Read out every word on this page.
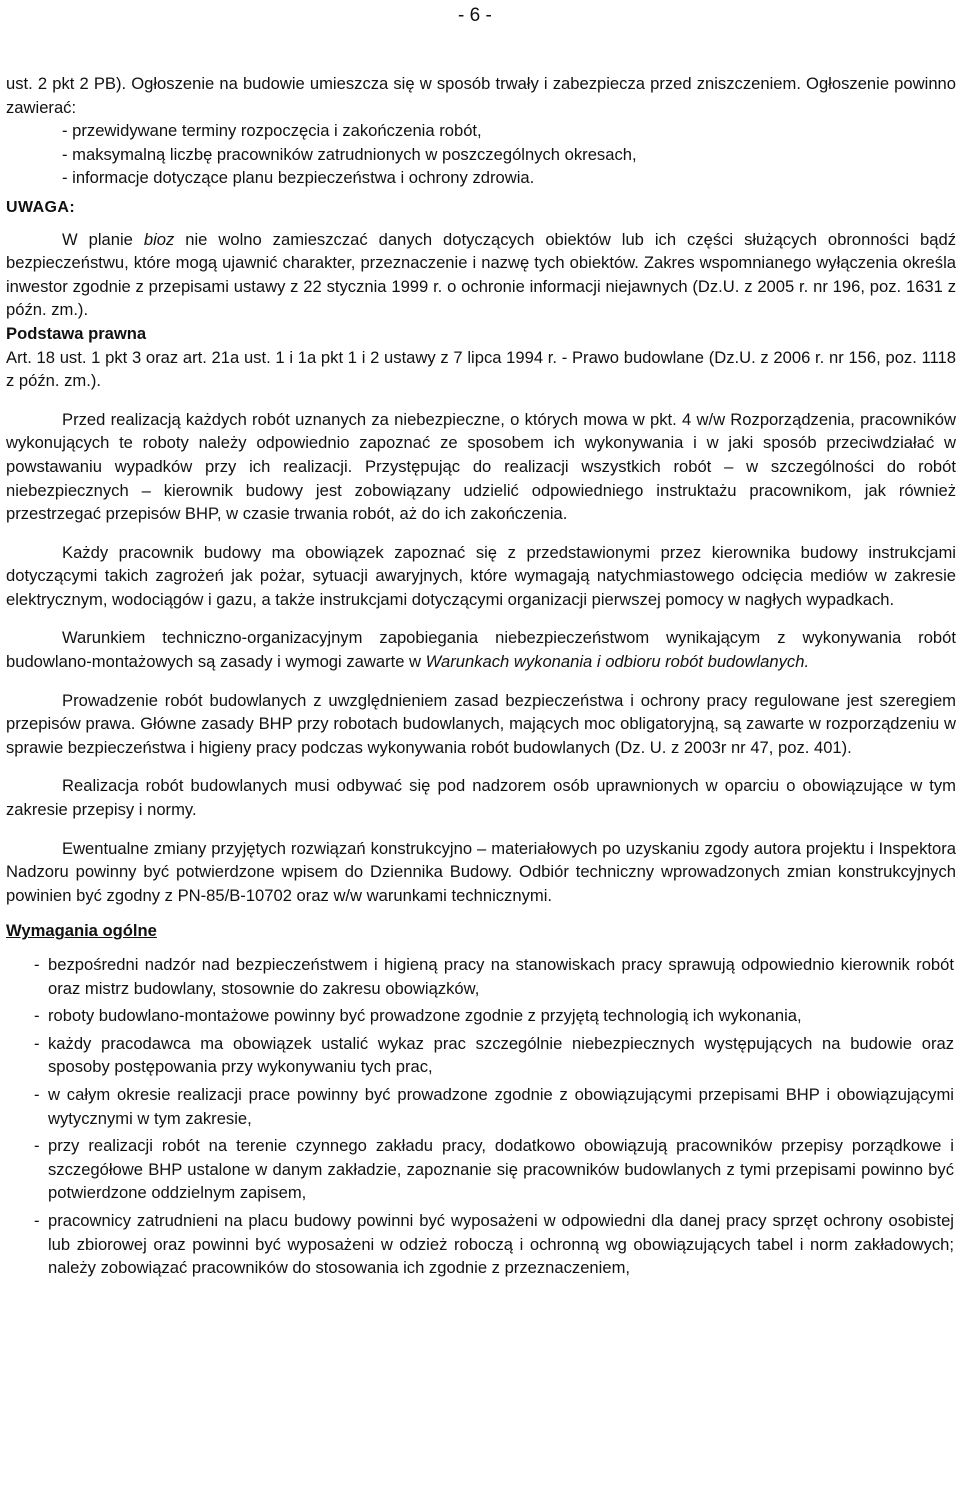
- 6 -

ust. 2 pkt 2 PB). Ogłoszenie na budowie umieszcza się w sposób trwały i zabezpiecza przed zniszczeniem. Ogłoszenie powinno zawierać:

- przewidywane terminy rozpoczęcia i zakończenia robót,
- maksymalną liczbę pracowników zatrudnionych w poszczególnych okresach,
- informacje dotyczące planu bezpieczeństwa i ochrony zdrowia.
UWAGA:

W planie bioz nie wolno zamieszczać danych dotyczących obiektów lub ich części służących obronności bądź bezpieczeństwu, które mogą ujawnić charakter, przeznaczenie i nazwę tych obiektów. Zakres wspomnianego wyłączenia określa inwestor zgodnie z przepisami ustawy z 22 stycznia 1999 r. o ochronie informacji niejawnych (Dz.U. z 2005 r. nr 196, poz. 1631 z późn. zm.).

Podstawa prawna

Art. 18 ust. 1 pkt 3 oraz art. 21a ust. 1 i 1a pkt 1 i 2 ustawy z 7 lipca 1994 r. - Prawo budowlane (Dz.U. z 2006 r. nr 156, poz. 1118 z późn. zm.).

Przed realizacją każdych robót uznanych za niebezpieczne, o których mowa w pkt. 4 w/w Rozporządzenia, pracowników wykonujących te roboty należy odpowiednio zapoznać ze sposobem ich wykonywania i w jaki sposób przeciwdziałać w powstawaniu wypadków przy ich realizacji. Przystępując do realizacji wszystkich robót – w szczególności do robót niebezpiecznych – kierownik budowy jest zobowiązany udzielić odpowiedniego instruktażu pracownikom, jak również przestrzegać przepisów BHP, w czasie trwania robót, aż do ich zakończenia.

Każdy pracownik budowy ma obowiązek zapoznać się z przedstawionymi przez kierownika budowy instrukcjami dotyczącymi takich zagrożeń jak pożar, sytuacji awaryjnych, które wymagają natychmiastowego odcięcia mediów w zakresie elektrycznym, wodociągów i gazu, a także instrukcjami dotyczącymi organizacji pierwszej pomocy w nagłych wypadkach.

Warunkiem techniczno-organizacyjnym zapobiegania niebezpieczeństwom wynikającym z wykonywania robót budowlano-montażowych są zasady i wymogi zawarte w Warunkach wykonania i odbioru robót budowlanych.

Prowadzenie robót budowlanych z uwzględnieniem zasad bezpieczeństwa i ochrony pracy regulowane jest szeregiem przepisów prawa. Główne zasady BHP przy robotach budowlanych, mających moc obligatoryjną, są zawarte w rozporządzeniu w sprawie bezpieczeństwa i higieny pracy podczas wykonywania robót budowlanych (Dz. U. z 2003r nr 47, poz. 401).

Realizacja robót budowlanych musi odbywać się pod nadzorem osób uprawnionych w oparciu o obowiązujące w tym zakresie przepisy i normy.

Ewentualne zmiany przyjętych rozwiązań konstrukcyjno – materiałowych po uzyskaniu zgody autora projektu i Inspektora Nadzoru powinny być potwierdzone wpisem do Dziennika Budowy. Odbiór techniczny wprowadzonych zmian konstrukcyjnych powinien być zgodny z PN-85/B-10702 oraz w/w warunkami technicznymi.

Wymagania ogólne
- bezpośredni nadzór nad bezpieczeństwem i higieną pracy na stanowiskach pracy sprawują odpowiednio kierownik robót oraz mistrz budowlany, stosownie do zakresu obowiązków,
- roboty budowlano-montażowe powinny być prowadzone zgodnie z przyjętą technologią ich wykonania,
- każdy pracodawca ma obowiązek ustalić wykaz prac szczególnie niebezpiecznych występujących na budowie oraz sposoby postępowania przy wykonywaniu tych prac,
- w całym okresie realizacji prace powinny być prowadzone zgodnie z obowiązującymi przepisami BHP i obowiązującymi wytycznymi w tym zakresie,
- przy realizacji robót na terenie czynnego zakładu pracy, dodatkowo obowiązują pracowników przepisy porządkowe i szczegółowe BHP ustalone w danym zakładzie, zapoznanie się pracowników budowlanych z tymi przepisami powinno być potwierdzone oddzielnym zapisem,
- pracownicy zatrudnieni na placu budowy powinni być wyposażeni w odpowiedni dla danej pracy sprzęt ochrony osobistej lub zbiorowej oraz powinni być wyposażeni w odzież roboczą i ochronną wg obowiązujących tabel i norm zakładowych; należy zobowiązać pracowników do stosowania ich zgodnie z przeznaczeniem,
